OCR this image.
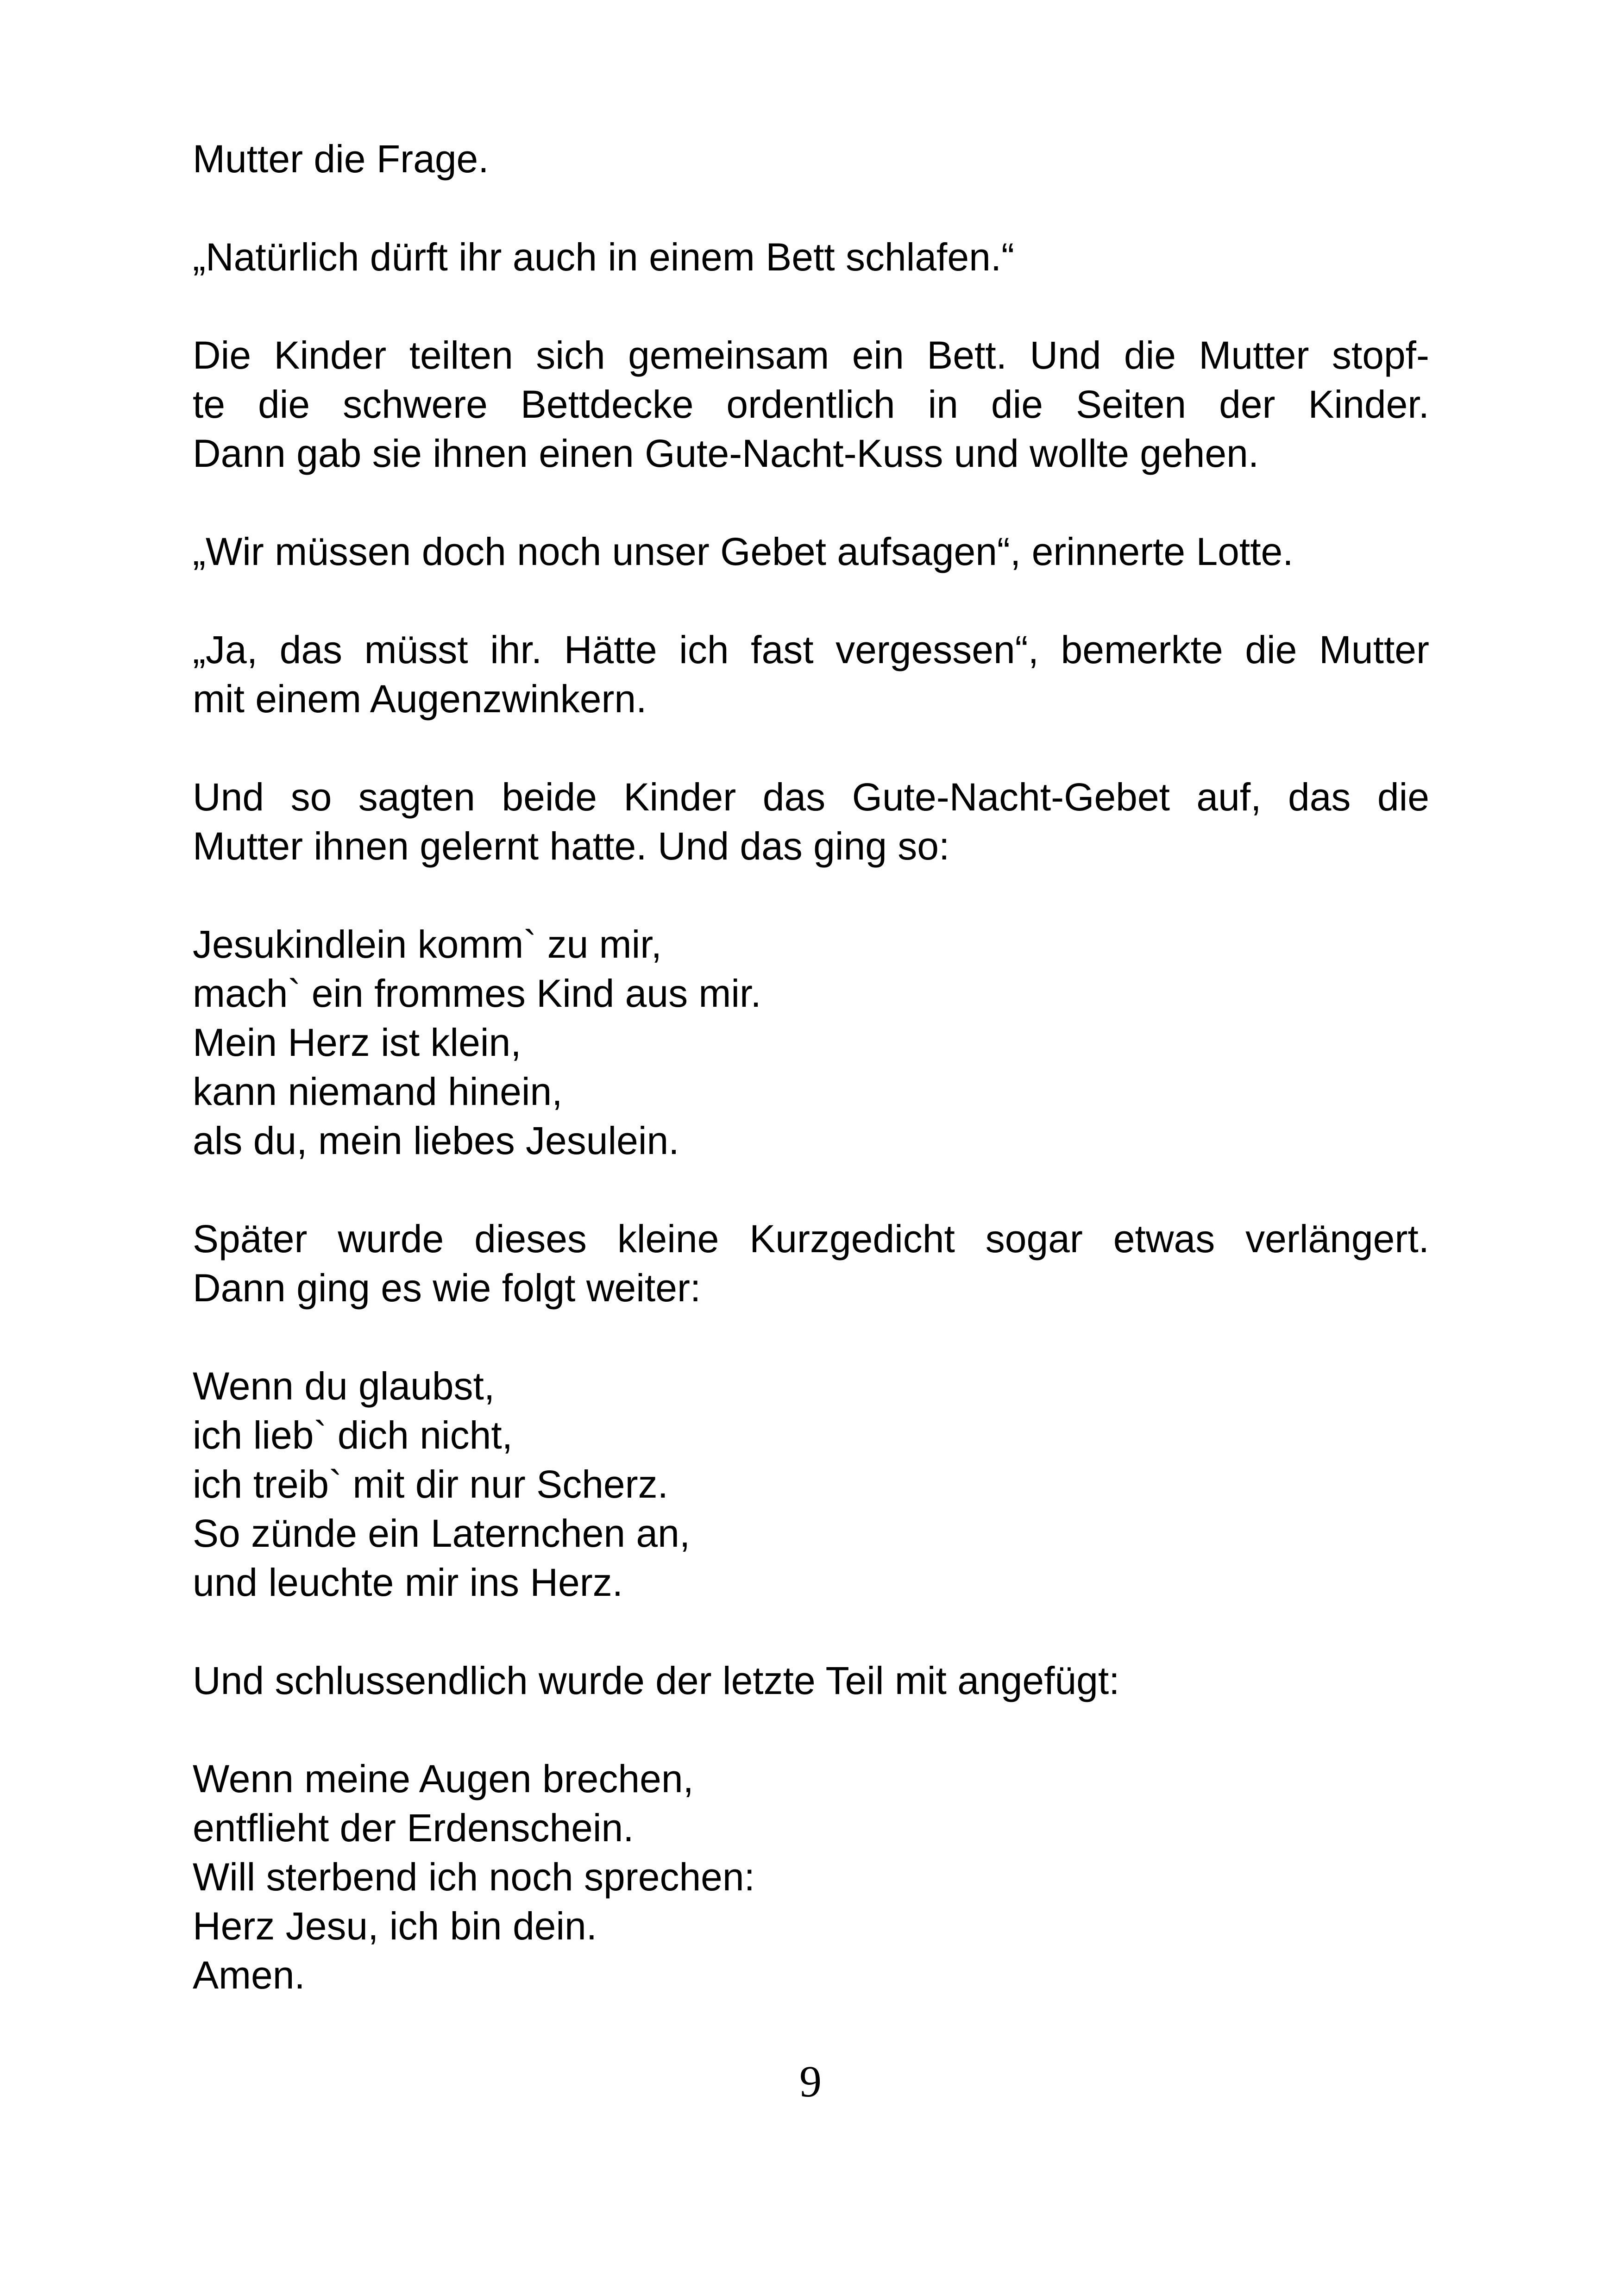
Mutter die Frage.

„Natürlich dürft ihr auch in einem Bett schlafen.“

Die Kinder teilten sich gemeinsam ein Bett. Und die Mutter stopf-
te die schwere Bettdecke ordentlich in die Seiten der Kinder.
Dann gab sie ihnen einen Gute-Nacht-Kuss und wollte gehen.

„Wir müssen doch noch unser Gebet aufsagen“, erinnerte Lotte.

„Ja, das müsst ihr. Hätte ich fast vergessen“, bemerkte die Mutter
mit einem Augenzwinkern.
Und so sagten beide Kinder das Gute-Nacht-Gebet auf, das die
Mutter ihnen gelernt hatte. Und das ging so:
Jesukindlein komm` zu mir,
mach` ein frommes Kind aus mir.
Mein Herz ist klein,
kann niemand hinein,
als du, mein liebes Jesulein.
Später wurde dieses kleine Kurzgedicht sogar etwas verlängert.
Dann ging es wie folgt weiter:
Wenn du glaubst,
ich lieb` dich nicht,
ich treib` mit dir nur Scherz.
So zünde ein Laternchen an,
und leuchte mir ins Herz.

Und schlussendlich wurde der letzte Teil mit angefügt:

Wenn meine Augen brechen,
entflieht der Erdenschein.
Will sterbend ich noch sprechen:
Herz Jesu, ich bin dein.
Amen.
9
